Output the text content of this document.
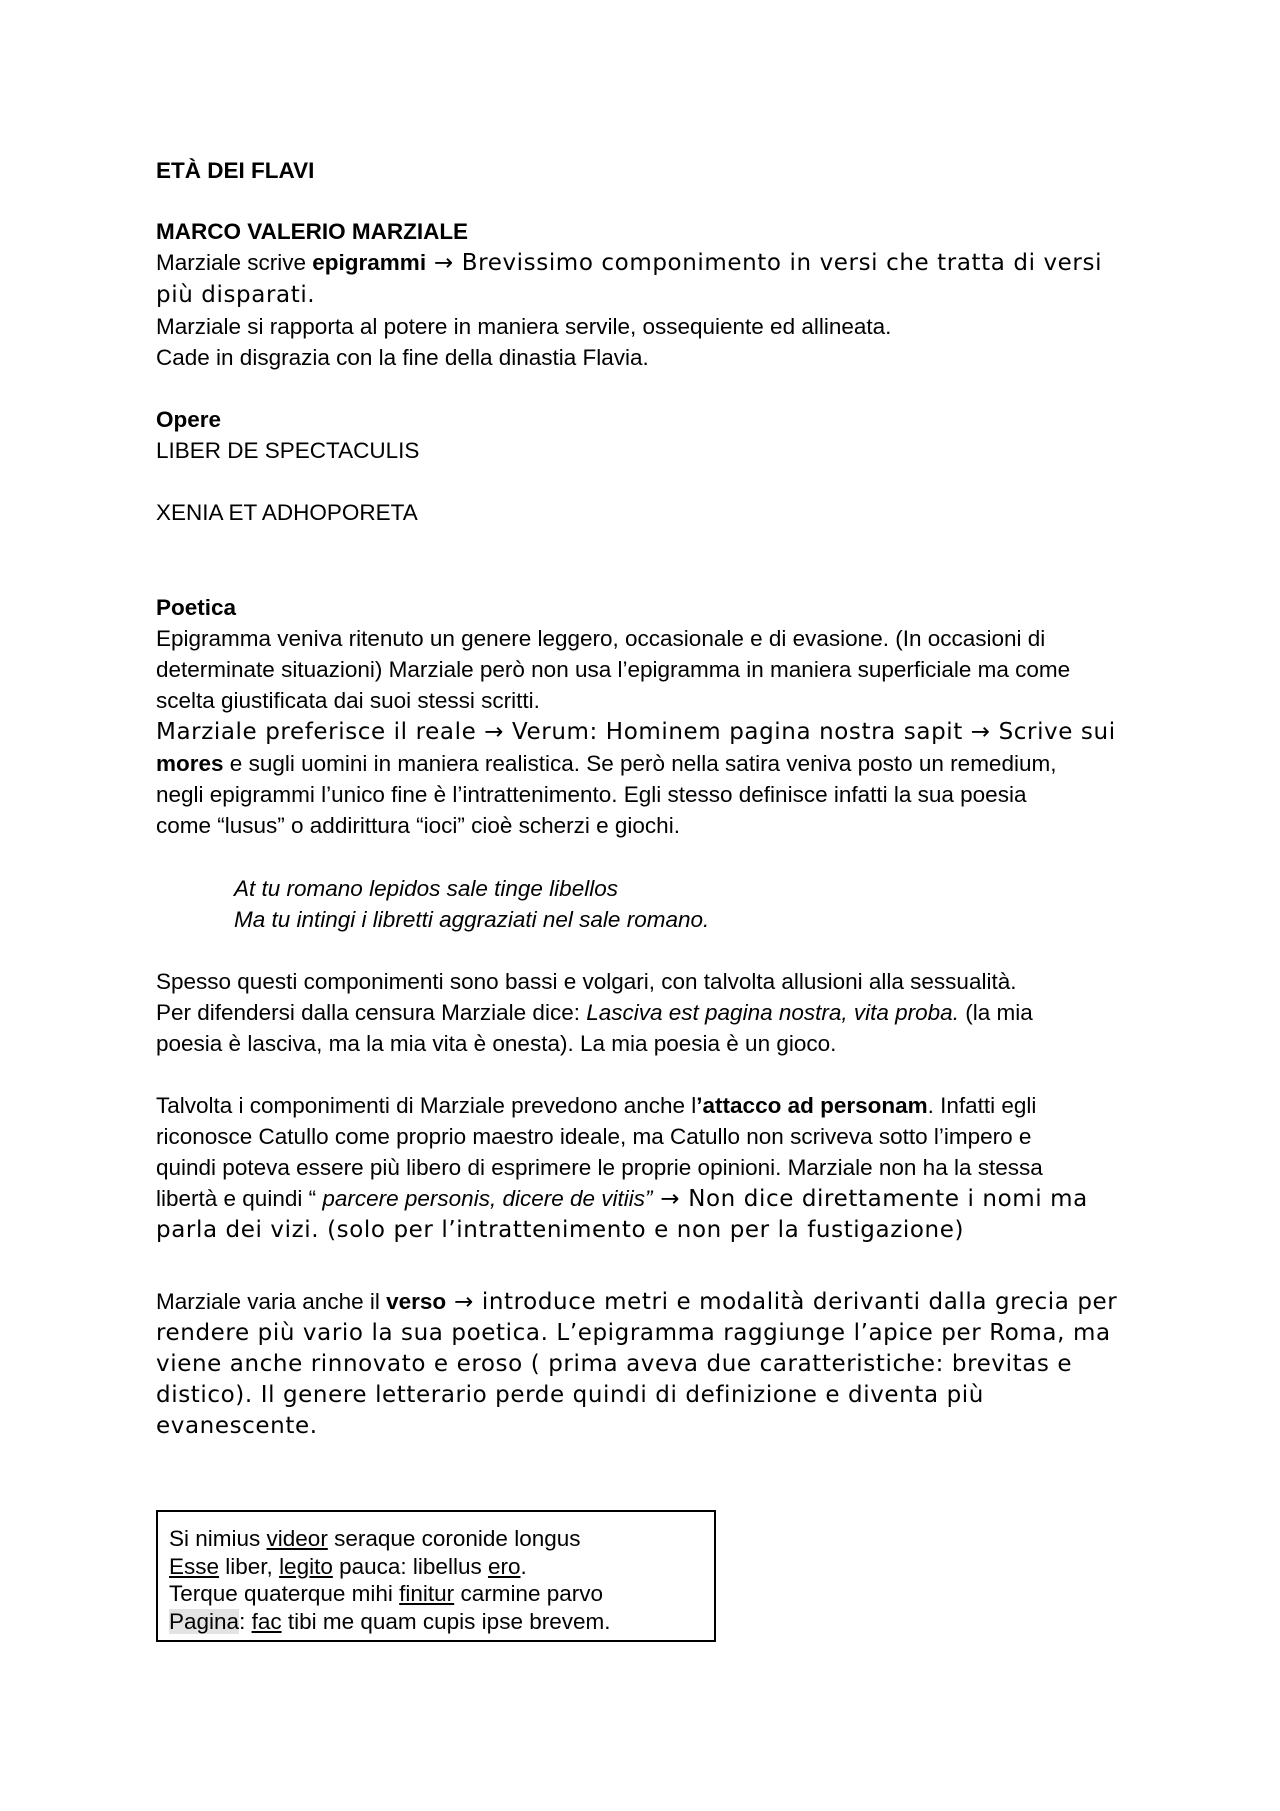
ETÀ DEI FLAVI
MARCO VALERIO MARZIALE
Marziale scrive epigrammi → Brevissimo componimento in versi che tratta di versi
più disparati.
Marziale si rapporta al potere in maniera servile, ossequiente ed allineata.
Cade in disgrazia con la fine della dinastia Flavia.
Opere
LIBER DE SPECTACULIS
XENIA ET ADHOPORETA
Poetica
Epigramma veniva ritenuto un genere leggero, occasionale e di evasione. (In occasioni di
determinate situazioni) Marziale però non usa l’epigramma in maniera superficiale ma come
scelta giustificata dai suoi stessi scritti.
Marziale preferisce il reale → Verum: Hominem pagina nostra sapit → Scrive sui
mores e sugli uomini in maniera realistica. Se però nella satira veniva posto un remedium,
negli epigrammi l’unico fine è l’intrattenimento. Egli stesso definisce infatti la sua poesia
come “lusus” o addirittura “ioci” cioè scherzi e giochi.
At tu romano lepidos sale tinge libellos
Ma tu intingi i libretti aggraziati nel sale romano.
Spesso questi componimenti sono bassi e volgari, con talvolta allusioni alla sessualità.
Per difendersi dalla censura Marziale dice: Lasciva est pagina nostra, vita proba. (la mia
poesia è lasciva, ma la mia vita è onesta). La mia poesia è un gioco.
Talvolta i componimenti di Marziale prevedono anche l’attacco ad personam. Infatti egli
riconosce Catullo come proprio maestro ideale, ma Catullo non scriveva sotto l’impero e
quindi poteva essere più libero di esprimere le proprie opinioni. Marziale non ha la stessa
libertà e quindi “ parcere personis, dicere de vitiis” → Non dice direttamente i nomi ma
parla dei vizi. (solo per l’intrattenimento e non per la fustigazione)
Marziale varia anche il verso → introduce metri e modalità derivanti dalla grecia per
rendere più vario la sua poetica. L’epigramma raggiunge l’apice per Roma, ma
viene anche rinnovato e eroso ( prima aveva due caratteristiche: brevitas e
distico). Il genere letterario perde quindi di definizione e diventa più
evanescente.
Si nimius videor seraque coronide longus
Esse liber, legito pauca: libellus ero.
Terque quaterque mihi finitur carmine parvo
Pagina: fac tibi me quam cupis ipse brevem.
